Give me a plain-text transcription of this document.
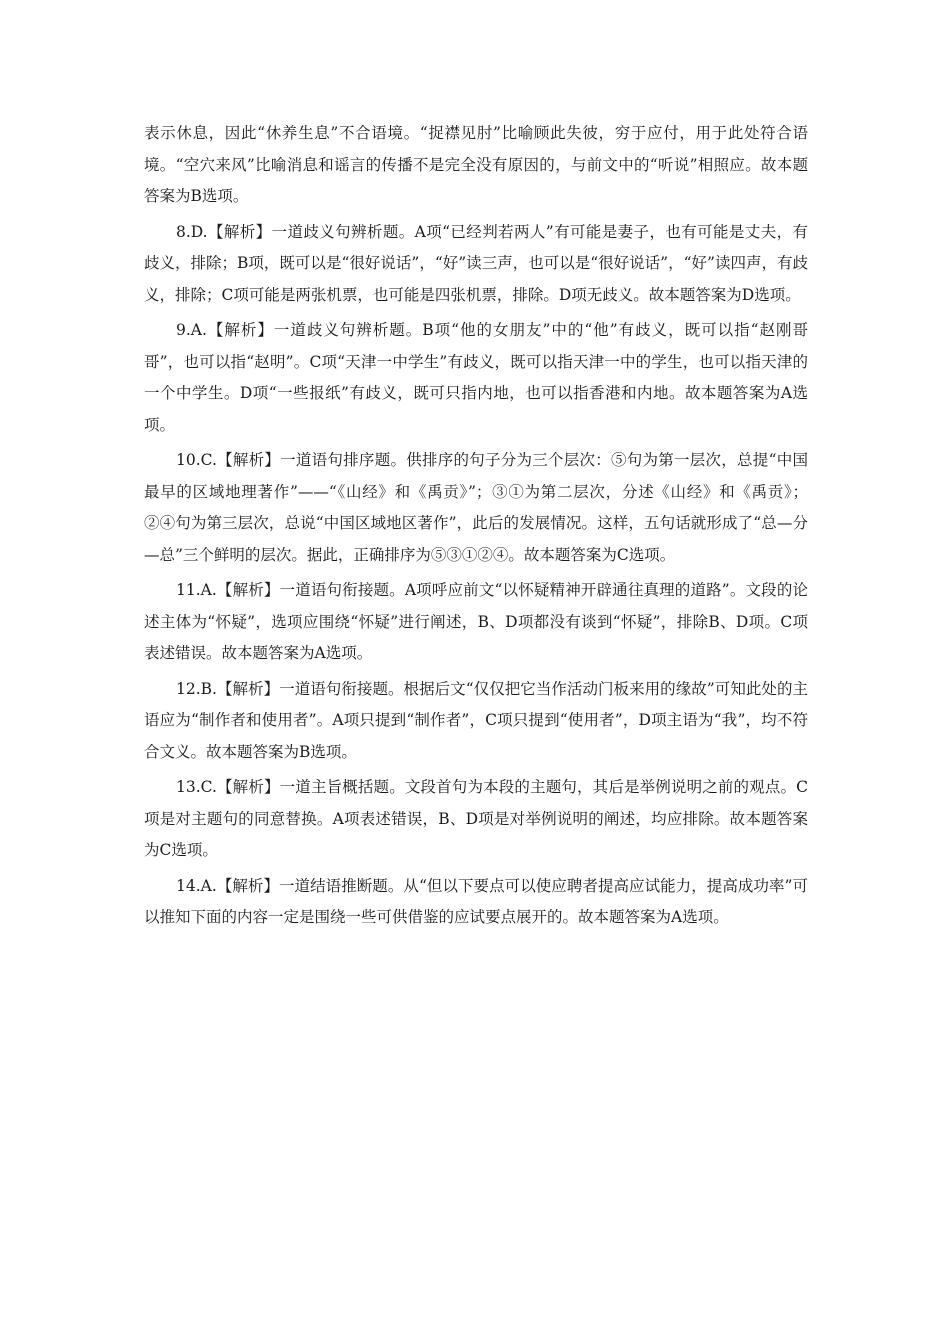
表示休息，因此“休养生息”不合语境。“捉襟见肘”比喻顾此失彼，穷于应付，用于此处符合语境。“空穴来风”比喻消息和谣言的传播不是完全没有原因的，与前文中的“听说”相照应。故本题答案为B选项。

8.D.【解析】一道歧义句辨析题。A项“已经判若两人”有可能是妻子，也有可能是丈夫，有歧义，排除；B项，既可以是“很好说话”，“好”读三声，也可以是“很好说话”，“好”读四声，有歧义，排除；C项可能是两张机票，也可能是四张机票，排除。D项无歧义。故本题答案为D选项。

9.A.【解析】一道歧义句辨析题。B项“他的女朋友”中的“他”有歧义，既可以指“赵刚哥哥”，也可以指“赵明”。C项“天津一中学生”有歧义，既可以指天津一中的学生，也可以指天津的一个中学生。D项“一些报纸”有歧义，既可只指内地，也可以指香港和内地。故本题答案为A选项。

10.C.【解析】一道语句排序题。供排序的句子分为三个层次：⑤句为第一层次，总提“中国最早的区域地理著作”——“《山经》和《禹贡》”；③①为第二层次，分述《山经》和《禹贡》；②④句为第三层次，总说“中国区域地区著作”，此后的发展情况。这样，五句话就形成了“总—分—总”三个鲜明的层次。据此，正确排序为⑤③①②④。故本题答案为C选项。

11.A.【解析】一道语句衔接题。A项呼应前文“以怀疑精神开辟通往真理的道路”。文段的论述主体为“怀疑”，选项应围绕“怀疑”进行阐述，B、D项都没有谈到“怀疑”，排除B、D项。C项表述错误。故本题答案为A选项。

12.B.【解析】一道语句衔接题。根据后文“仅仅把它当作活动门板来用的缘故”可知此处的主语应为“制作者和使用者”。A项只提到“制作者”，C项只提到“使用者”，D项主语为“我”，均不符合文义。故本题答案为B选项。

13.C.【解析】一道主旨概括题。文段首句为本段的主题句，其后是举例说明之前的观点。C项是对主题句的同意替换。A项表述错误，B、D项是对举例说明的阐述，均应排除。故本题答案为C选项。

14.A.【解析】一道结语推断题。从“但以下要点可以使应聘者提高应试能力，提高成功率”可以推知下面的内容一定是围绕一些可供借鉴的应试要点展开的。故本题答案为A选项。
